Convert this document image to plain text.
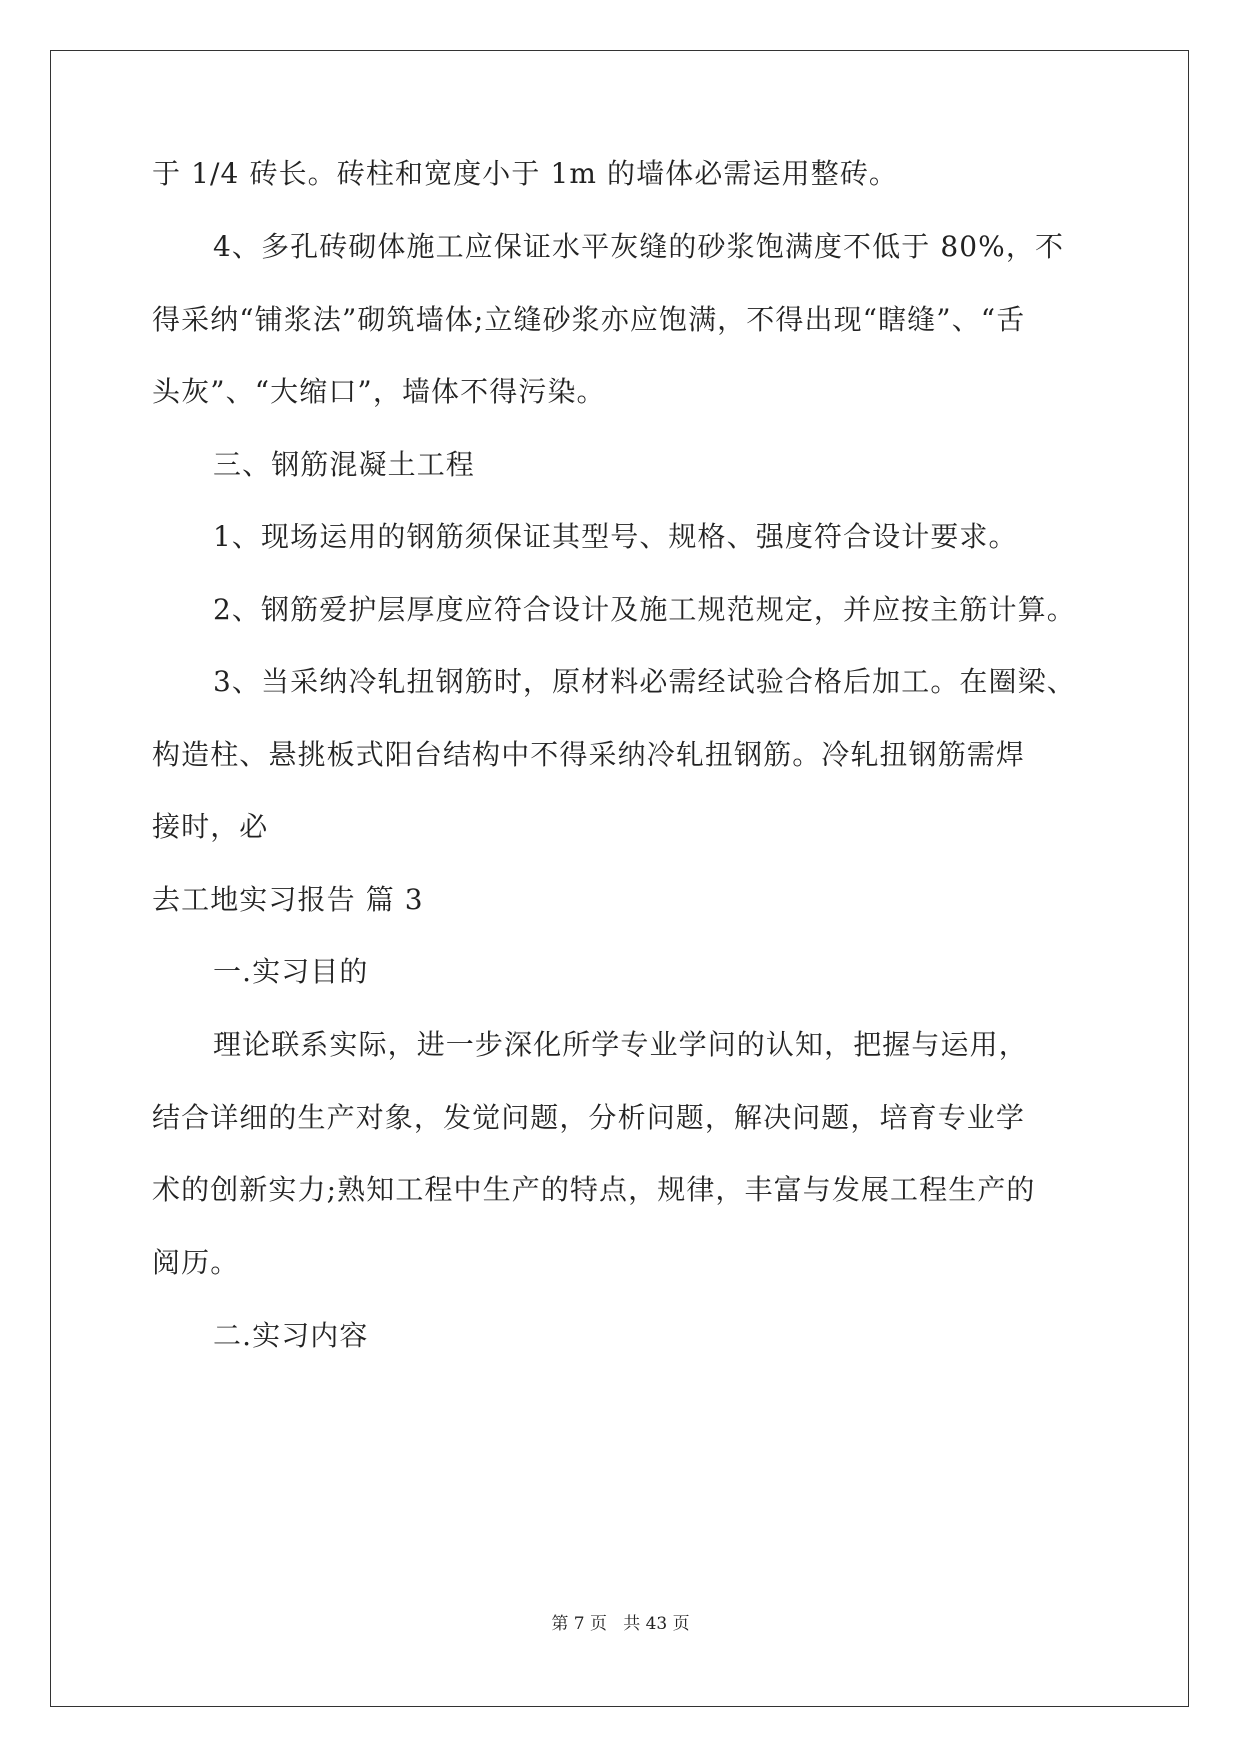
于 1/4 砖长。砖柱和宽度小于 1m 的墙体必需运用整砖。
4、多孔砖砌体施工应保证水平灰缝的砂浆饱满度不低于 80%，不
得采纳“铺浆法”砌筑墙体;立缝砂浆亦应饱满，不得出现“瞎缝”、“舌
头灰”、“大缩口”，墙体不得污染。
三、钢筋混凝土工程
1、现场运用的钢筋须保证其型号、规格、强度符合设计要求。
2、钢筋爱护层厚度应符合设计及施工规范规定，并应按主筋计算。
3、当采纳冷轧扭钢筋时，原材料必需经试验合格后加工。在圈梁、
构造柱、悬挑板式阳台结构中不得采纳冷轧扭钢筋。冷轧扭钢筋需焊
接时，必
去工地实习报告 篇 3
一.实习目的
理论联系实际，进一步深化所学专业学问的认知，把握与运用，
结合详细的生产对象，发觉问题，分析问题，解决问题，培育专业学
术的创新实力;熟知工程中生产的特点，规律，丰富与发展工程生产的
阅历。
二.实习内容
第 7 页   共 43 页
